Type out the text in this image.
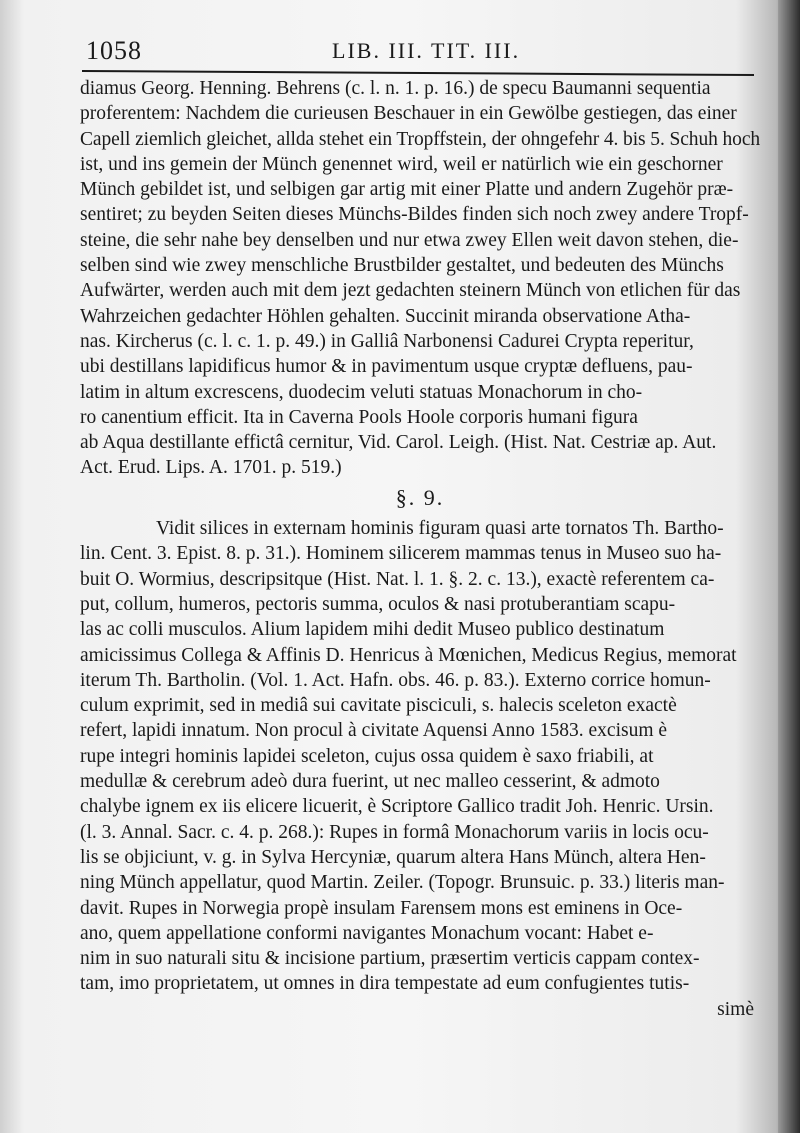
1058	LIB. III. TIT. III.
diamus Georg. Henning. Behrens (c. l. n. 1. p. 16.) de specu Baumanni sequentia
proferentem: Nachdem die curieusen Beschauer in ein Gewölbe gestiegen, das einer
Capell ziemlich gleichet, allda stehet ein Tropffstein, der ohngefehr 4. bis 5. Schuh hoch
ist, und ins gemein der Münch genennet wird, weil er natürlich wie ein geschorner
Münch gebildet ist, und selbigen gar artig mit einer Platte und andern Zugehör præ-
sentiret; zu beyden Seiten dieses Münchs-Bildes finden sich noch zwey andere Tropf-
steine, die sehr nahe bey denselben und nur etwa zwey Ellen weit davon stehen, die-
selben sind wie zwey menschliche Brustbilder gestaltet, und bedeuten des Münchs
Aufwärter, werden auch mit dem jezt gedachten steinern Münch von etlichen für das
Wahrzeichen gedachter Höhlen gehalten. Succinit miranda observatione Atha-
nas. Kircherus (c. l. c. 1. p. 49.) in Galliâ Narbonensi Cadurei Crypta reperitur,
ubi destillans lapidificus humor & in pavimentum usque cryptæ defluens, pau-
latim in altum excrescens, duodecim veluti statuas Monachorum in cho-
ro canentium efficit. Ita in Caverna Pools Hoole corporis humani figura
ab Aqua destillante effictâ cernitur, Vid. Carol. Leigh. (Hist. Nat. Cestriæ ap. Aut.
Act. Erud. Lips. A. 1701. p. 519.)
§. 9.
Vidit silices in externam hominis figuram quasi arte tornatos Th. Bartho-
lin. Cent. 3. Epist. 8. p. 31.). Hominem silicerem mammas tenus in Museo suo ha-
buit O. Wormius, descripsitque (Hist. Nat. l. 1. §. 2. c. 13.), exactè referentem ca-
put, collum, humeros, pectoris summa, oculos & nasi protuberantiam scapu-
las ac colli musculos. Alium lapidem mihi dedit Museo publico destinatum
amicissimus Collega & Affinis D. Henricus à Mœnichen, Medicus Regius, memorat
iterum Th. Bartholin. (Vol. 1. Act. Hafn. obs. 46. p. 83.). Externo corrice homun-
culum exprimit, sed in mediâ sui cavitate pisciculi, s. halecis sceleton exactè
refert, lapidi innatum. Non procul à civitate Aquensi Anno 1583. excisum è
rupe integri hominis lapidei sceleton, cujus ossa quidem è saxo friabili, at
medullæ & cerebrum adeò dura fuerint, ut nec malleo cesserint, & admoto
chalybe ignem ex iis elicere licuerit, è Scriptore Gallico tradit Joh. Henric. Ursin.
(l. 3. Annal. Sacr. c. 4. p. 268.): Rupes in formâ Monachorum variis in locis ocu-
lis se objiciunt, v. g. in Sylva Hercyniæ, quarum altera Hans Münch, altera Hen-
ning Münch appellatur, quod Martin. Zeiler. (Topogr. Brunsuic. p. 33.) literis man-
davit. Rupes in Norwegia propè insulam Farensem mons est eminens in Oce-
ano, quem appellatione conformi navigantes Monachum vocant: Habet e-
nim in suo naturali situ & incisione partium, præsertim verticis cappam contex-
tam, imo proprietatem, ut omnes in dira tempestate ad eum confugientes tutis-
simè
